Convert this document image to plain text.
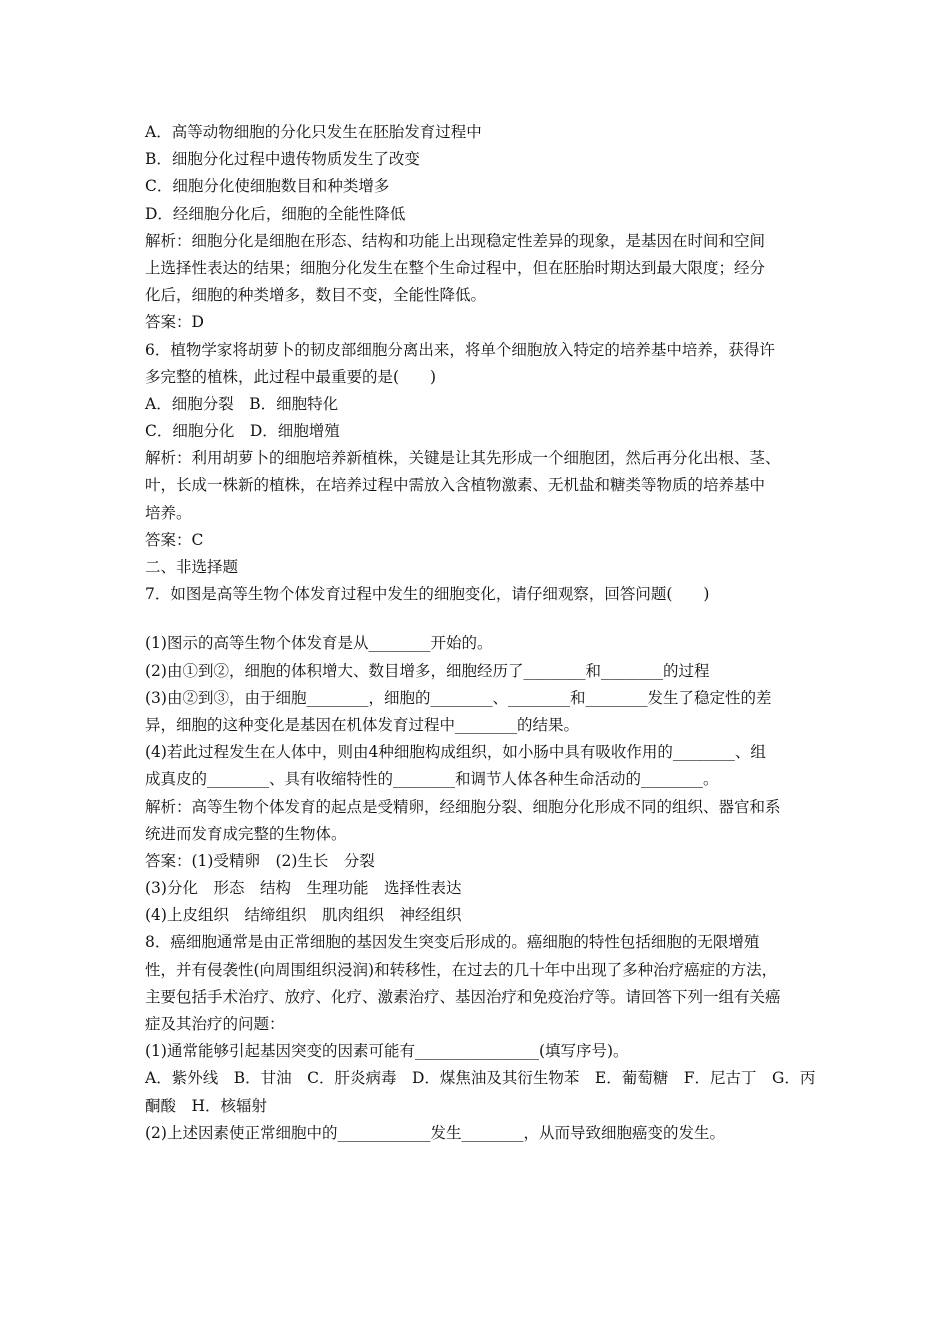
A．高等动物细胞的分化只发生在胚胎发育过程中
B．细胞分化过程中遗传物质发生了改变
C．细胞分化使细胞数目和种类增多
D．经细胞分化后，细胞的全能性降低
解析：细胞分化是细胞在形态、结构和功能上出现稳定性差异的现象，是基因在时间和空间
上选择性表达的结果；细胞分化发生在整个生命过程中，但在胚胎时期达到最大限度；经分
化后，细胞的种类增多，数目不变，全能性降低。
答案：D
6．植物学家将胡萝卜的韧皮部细胞分离出来，将单个细胞放入特定的培养基中培养，获得许
多完整的植株，此过程中最重要的是(　　)
A．细胞分裂　B．细胞特化
C．细胞分化　D．细胞增殖
解析：利用胡萝卜的细胞培养新植株，关键是让其先形成一个细胞团，然后再分化出根、茎、
叶，长成一株新的植株，在培养过程中需放入含植物激素、无机盐和糖类等物质的培养基中
培养。
答案：C
二、非选择题
7．如图是高等生物个体发育过程中发生的细胞变化，请仔细观察，回答问题(　　)
(1)图示的高等生物个体发育是从________开始的。
(2)由①到②，细胞的体积增大、数目增多，细胞经历了________和________的过程
(3)由②到③，由于细胞________，细胞的________、________和________发生了稳定性的差
异，细胞的这种变化是基因在机体发育过程中________的结果。
(4)若此过程发生在人体中，则由4种细胞构成组织，如小肠中具有吸收作用的________、组
成真皮的________、具有收缩特性的________和调节人体各种生命活动的________。
解析：高等生物个体发育的起点是受精卵，经细胞分裂、细胞分化形成不同的组织、器官和系
统进而发育成完整的生物体。
答案：(1)受精卵　(2)生长　分裂
(3)分化　形态　结构　生理功能　选择性表达
(4)上皮组织　结缔组织　肌肉组织　神经组织
8．癌细胞通常是由正常细胞的基因发生突变后形成的。癌细胞的特性包括细胞的无限增殖
性，并有侵袭性(向周围组织浸润)和转移性，在过去的几十年中出现了多种治疗癌症的方法，
主要包括手术治疗、放疗、化疗、激素治疗、基因治疗和免疫治疗等。请回答下列一组有关癌
症及其治疗的问题：
(1)通常能够引起基因突变的因素可能有________________(填写序号)。
A．紫外线　B．甘油　C．肝炎病毒　D．煤焦油及其衍生物苯　E．葡萄糖　F．尼古丁　G．丙
酮酸　H．核辐射
(2)上述因素使正常细胞中的____________发生________，从而导致细胞癌变的发生。
